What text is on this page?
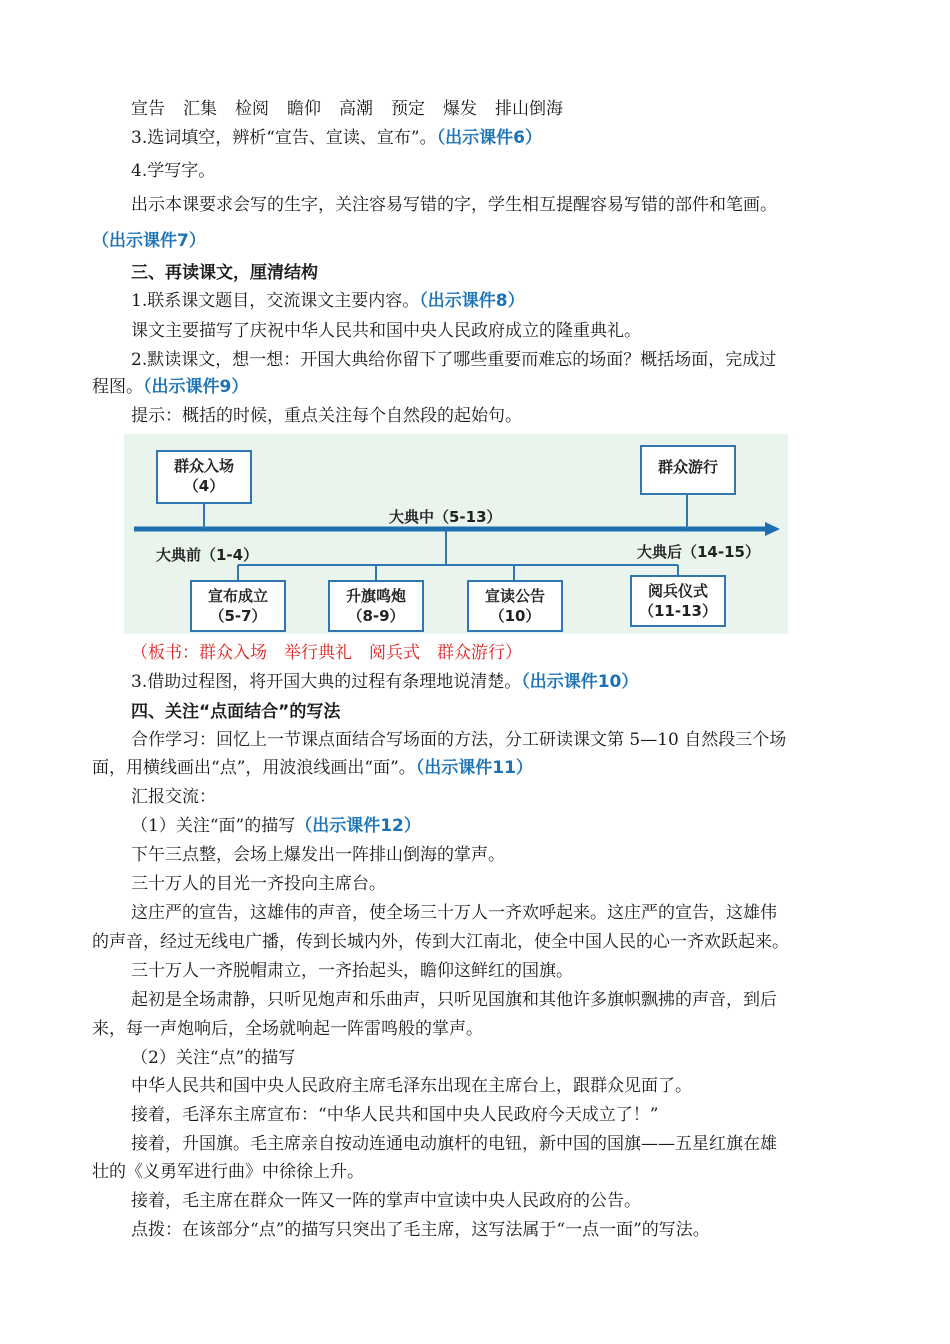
宣告 汇集 检阅 瞻仰 高潮 预定 爆发 排山倒海
3.选词填空，辨析“宣告、宣读、宣布”。（出示课件6）
4.学写字。
出示本课要求会写的生字，关注容易写错的字，学生相互提醒容易写错的部件和笔画。
（出示课件7）
三、再读课文，厘清结构
1.联系课文题目，交流课文主要内容。（出示课件8）
课文主要描写了庆祝中华人民共和国中央人民政府成立的隆重典礼。
2.默读课文，想一想：开国大典给你留下了哪些重要而难忘的场面？概括场面，完成过
程图。（出示课件9）
提示：概括的时候，重点关注每个自然段的起始句。
群众入场
（4）
群众游行
大典中（5-13）
大典前（1-4）	大典后（14-15）
宣布成立
（5-7）
升旗鸣炮
（8-9）
宣读公告
（10）
阅兵仪式
（11-13）
（板书：群众入场　举行典礼　阅兵式　群众游行）
3.借助过程图，将开国大典的过程有条理地说清楚。（出示课件10）
四、关注“点面结合”的写法
合作学习：回忆上一节课点面结合写场面的方法，分工研读课文第 5—10 自然段三个场
面，用横线画出“点”，用波浪线画出“面”。（出示课件11）
汇报交流：
（1）关注“面”的描写（出示课件12）
下午三点整，会场上爆发出一阵排山倒海的掌声。
三十万人的目光一齐投向主席台。
这庄严的宣告，这雄伟的声音，使全场三十万人一齐欢呼起来。这庄严的宣告，这雄伟
的声音，经过无线电广播，传到长城内外，传到大江南北，使全中国人民的心一齐欢跃起来。
三十万人一齐脱帽肃立，一齐抬起头，瞻仰这鲜红的国旗。
起初是全场肃静，只听见炮声和乐曲声，只听见国旗和其他许多旗帜飘拂的声音，到后
来，每一声炮响后，全场就响起一阵雷鸣般的掌声。
（2）关注“点”的描写
中华人民共和国中央人民政府主席毛泽东出现在主席台上，跟群众见面了。
接着，毛泽东主席宣布：“中华人民共和国中央人民政府今天成立了！”
接着，升国旗。毛主席亲自按动连通电动旗杆的电钮，新中国的国旗——五星红旗在雄
壮的《义勇军进行曲》中徐徐上升。
接着，毛主席在群众一阵又一阵的掌声中宣读中央人民政府的公告。
点拨：在该部分“点”的描写只突出了毛主席，这写法属于“一点一面”的写法。
